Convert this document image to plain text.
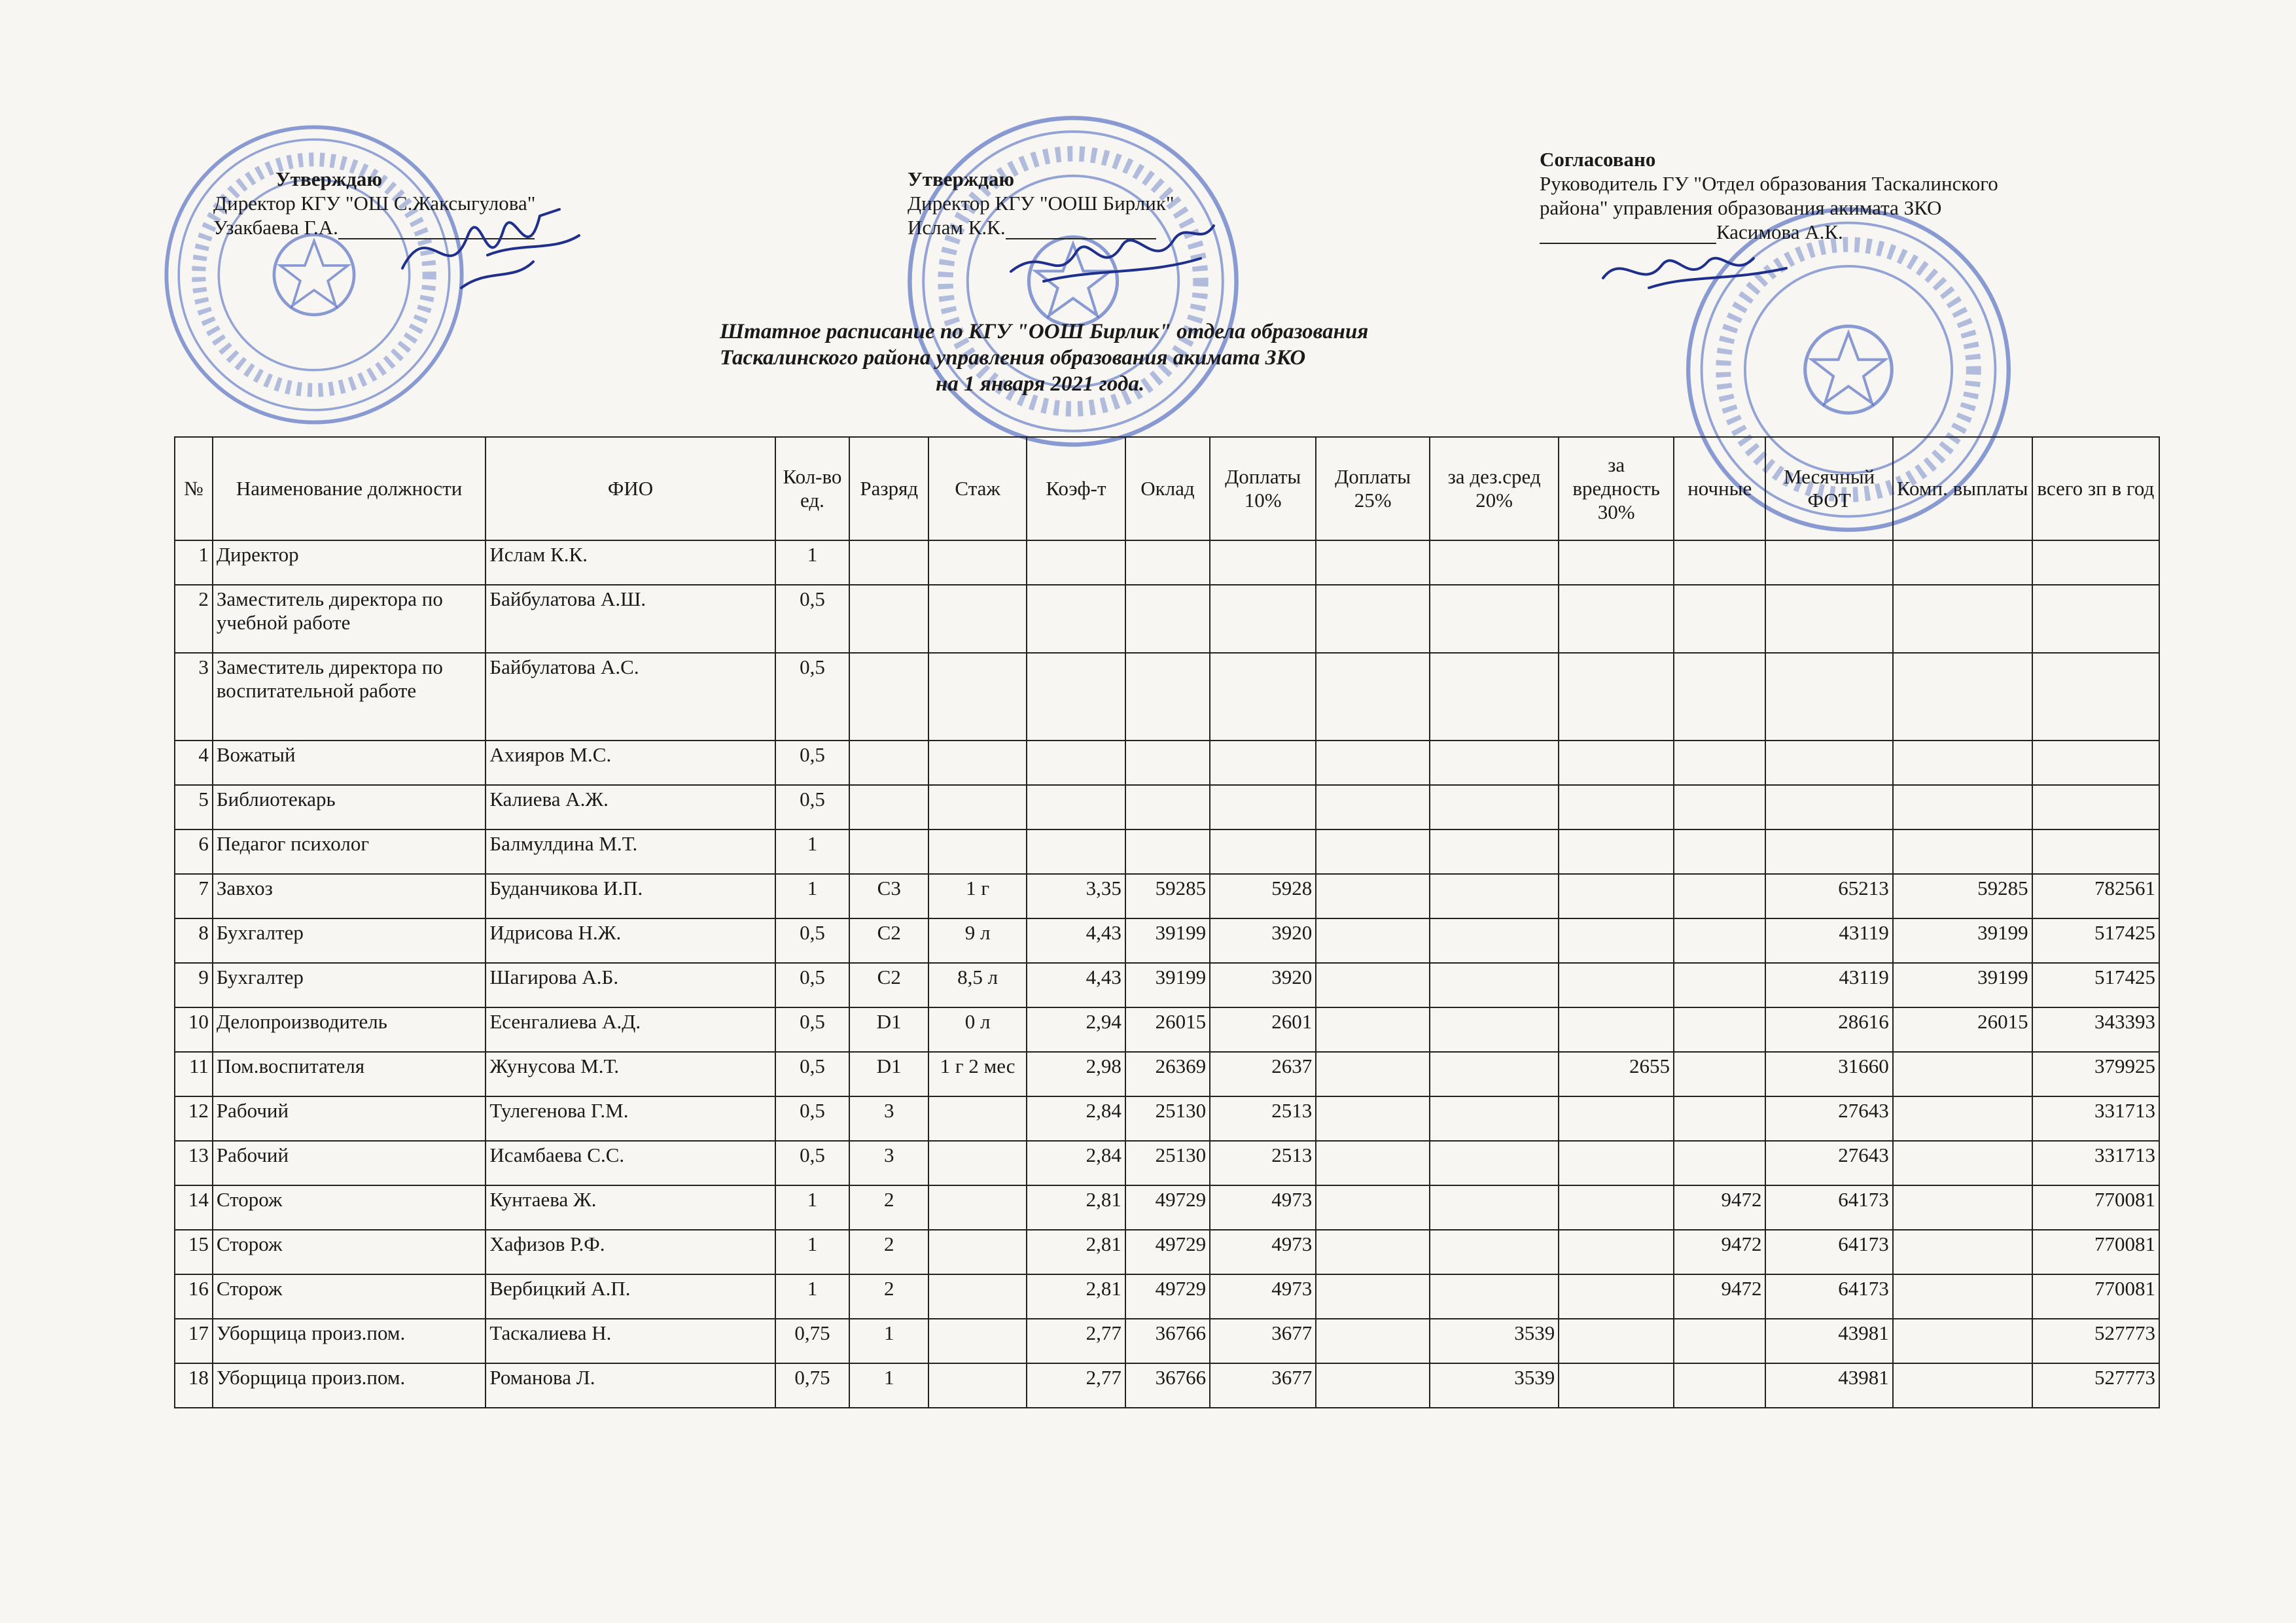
Утверждаю
Директор КГУ "ОШ С.Жаксыгулова"
Узакбаева Г.А.
Утверждаю
Директор КГУ "ООШ Бирлик"
Ислам К.К.
Согласовано
Руководитель ГУ "Отдел образования Таскалинского
района" управления образования акимата ЗКО
Касимова А.К.
Штатное расписание по КГУ "ООШ Бирлик" отдела образования
Таскалинского района управления образования акимата ЗКО
на 1 января 2021 года.
№	Наименование должности	ФИО	Кол-во ед.	Разряд	Стаж	Коэф-т	Оклад	Доплаты 10%	Доплаты 25%	за дез.сред 20%	за вредность 30%	ночные	Месячный ФОТ	Комп. выплаты	всего зп в год
1	Директор	Ислам К.К.	1												
2	Заместитель директора по учебной работе	Байбулатова А.Ш.	0,5												
3	Заместитель директора по воспитательной работе	Байбулатова А.С.	0,5												
4	Вожатый	Ахияров М.С.	0,5												
5	Библиотекарь	Калиева А.Ж.	0,5												
6	Педагог психолог	Балмулдина М.Т.	1												
7	Завхоз	Буданчикова И.П.	1	С3	1 г	3,35	59285	5928					65213	59285	782561
8	Бухгалтер	Идрисова Н.Ж.	0,5	С2	9 л	4,43	39199	3920					43119	39199	517425
9	Бухгалтер	Шагирова А.Б.	0,5	С2	8,5 л	4,43	39199	3920					43119	39199	517425
10	Делопроизводитель	Есенгалиева А.Д.	0,5	D1	0 л	2,94	26015	2601					28616	26015	343393
11	Пом.воспитателя	Жунусова М.Т.	0,5	D1	1 г 2 мес	2,98	26369	2637			2655		31660		379925
12	Рабочий	Тулегенова Г.М.	0,5	3		2,84	25130	2513					27643		331713
13	Рабочий	Исамбаева С.С.	0,5	3		2,84	25130	2513					27643		331713
14	Сторож	Кунтаева Ж.	1	2		2,81	49729	4973				9472	64173		770081
15	Сторож	Хафизов Р.Ф.	1	2		2,81	49729	4973				9472	64173		770081
16	Сторож	Вербицкий А.П.	1	2		2,81	49729	4973				9472	64173		770081
17	Уборщица произ.пом.	Таскалиева Н.	0,75	1		2,77	36766	3677		3539			43981		527773
18	Уборщица произ.пом.	Романова Л.	0,75	1		2,77	36766	3677		3539			43981		527773
